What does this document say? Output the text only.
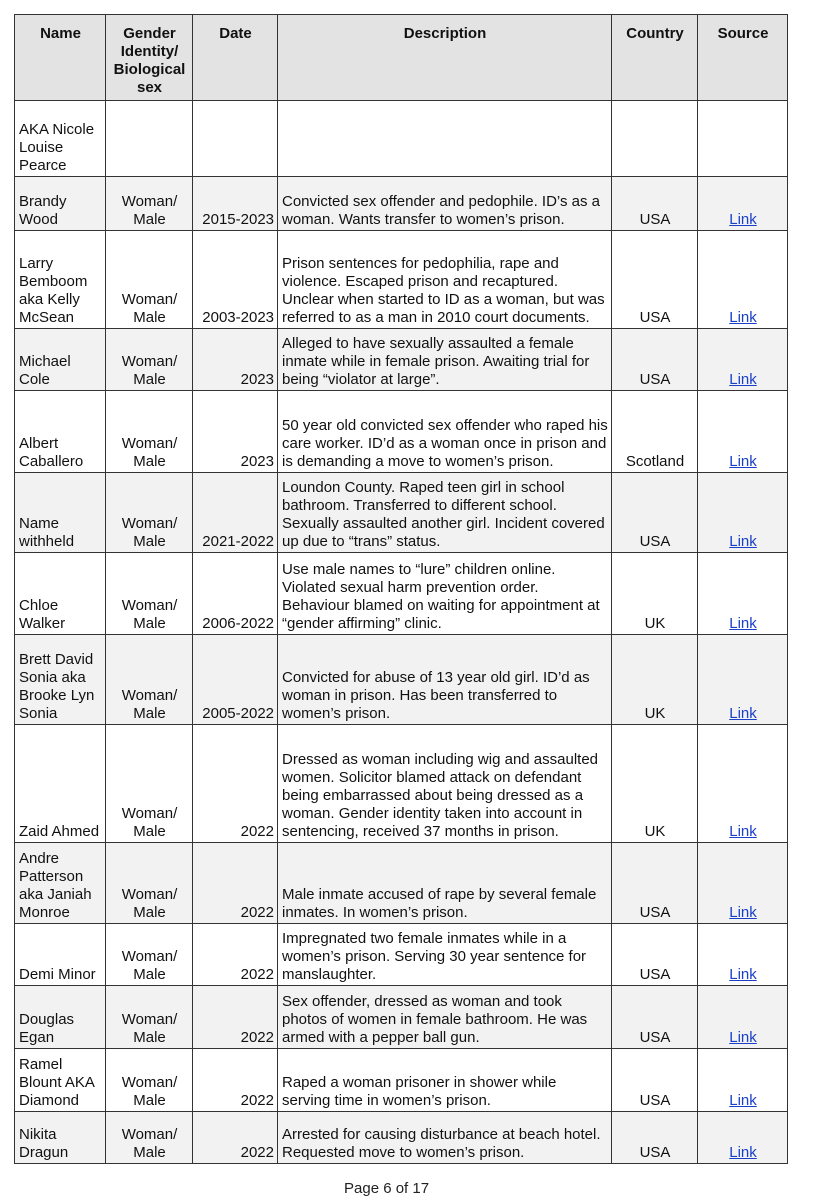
Name	Gender Identity/ Biological sex	Date	Description	Country	Source
AKA Nicole Louise Pearce					
Brandy Wood	Woman/ Male	2015-2023	Convicted sex offender and pedophile. ID’s as a woman. Wants transfer to women’s prison.	USA	Link
Larry Bemboom aka Kelly McSean	Woman/ Male	2003-2023	Prison sentences for pedophilia, rape and violence. Escaped prison and recaptured. Unclear when started to ID as a woman, but was referred to as a man in 2010 court documents.	USA	Link
Michael Cole	Woman/ Male	2023	Alleged to have sexually assaulted a female inmate while in female prison. Awaiting trial for being “violator at large”.	USA	Link
Albert Caballero	Woman/ Male	2023	50 year old convicted sex offender who raped his care worker. ID’d as a woman once in prison and is demanding a move to women’s prison.	Scotland	Link
Name withheld	Woman/ Male	2021-2022	Loundon County. Raped teen girl in school bathroom. Transferred to different school. Sexually assaulted another girl. Incident covered up due to “trans” status.	USA	Link
Chloe Walker	Woman/ Male	2006-2022	Use male names to “lure” children online. Violated sexual harm prevention order. Behaviour blamed on waiting for appointment at “gender affirming” clinic.	UK	Link
Brett David Sonia aka Brooke Lyn Sonia	Woman/ Male	2005-2022	Convicted for abuse of 13 year old girl. ID’d as woman in prison. Has been transferred to women’s prison.	UK	Link
Zaid Ahmed	Woman/ Male	2022	Dressed as woman including wig and assaulted women. Solicitor blamed attack on defendant being embarrassed about being dressed as a woman. Gender identity taken into account in sentencing, received 37 months in prison.	UK	Link
Andre Patterson aka Janiah Monroe	Woman/ Male	2022	Male inmate accused of rape by several female inmates. In women’s prison.	USA	Link
Demi Minor	Woman/ Male	2022	Impregnated two female inmates while in a women’s prison. Serving 30 year sentence for manslaughter.	USA	Link
Douglas Egan	Woman/ Male	2022	Sex offender, dressed as woman and took photos of women in female bathroom. He was armed with a pepper ball gun.	USA	Link
Ramel Blount AKA Diamond	Woman/ Male	2022	Raped a woman prisoner in shower while serving time in women’s prison.	USA	Link
Nikita Dragun	Woman/ Male	2022	Arrested for causing disturbance at beach hotel. Requested move to women’s prison.	USA	Link
Page 6 of 17
